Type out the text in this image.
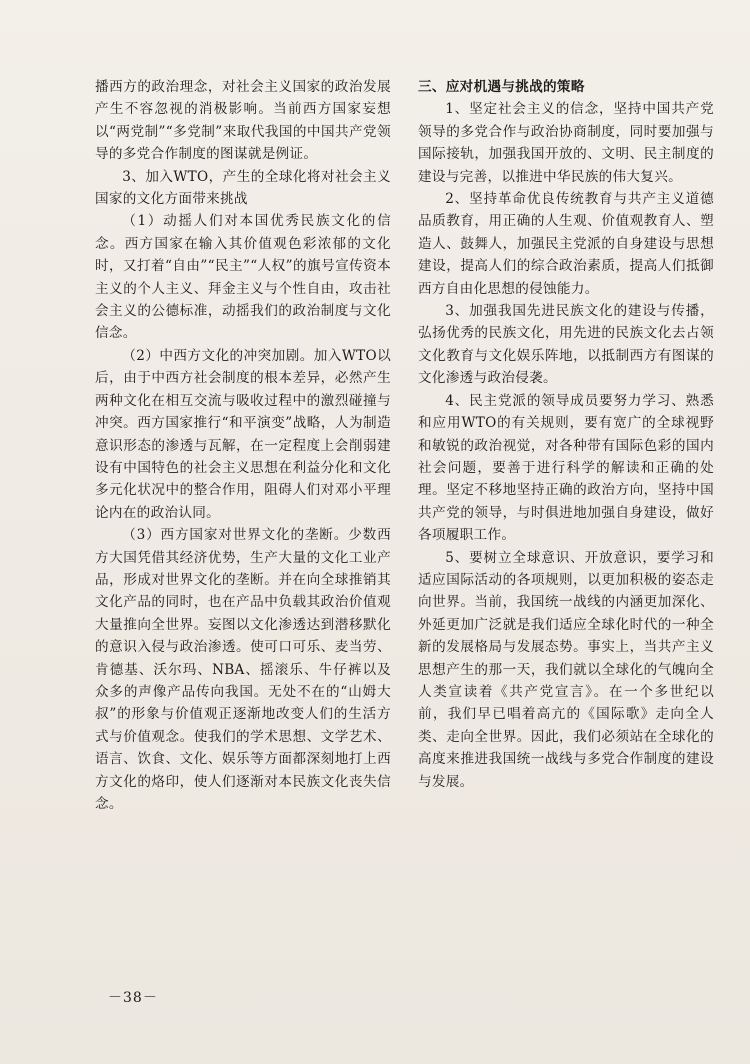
播西方的政治理念，对社会主义国家的政治发展产生不容忽视的消极影响。当前西方国家妄想以“两党制”“多党制”来取代我国的中国共产党领导的多党合作制度的图谋就是例证。

3、加入WTO，产生的全球化将对社会主义国家的文化方面带来挑战

（1）动摇人们对本国优秀民族文化的信念。西方国家在输入其价值观色彩浓郁的文化时，又打着“自由”“民主”“人权”的旗号宣传资本主义的个人主义、拜金主义与个性自由，攻击社会主义的公德标准，动摇我们的政治制度与文化信念。

（2）中西方文化的冲突加剧。加入WTO以后，由于中西方社会制度的根本差异，必然产生两种文化在相互交流与吸收过程中的激烈碰撞与冲突。西方国家推行“和平演变”战略，人为制造意识形态的渗透与瓦解，在一定程度上会削弱建设有中国特色的社会主义思想在利益分化和文化多元化状况中的整合作用，阻碍人们对邓小平理论内在的政治认同。

（3）西方国家对世界文化的垄断。少数西方大国凭借其经济优势，生产大量的文化工业产品，形成对世界文化的垄断。并在向全球推销其文化产品的同时，也在产品中负载其政治价值观大量推向全世界。妄图以文化渗透达到潜移默化的意识入侵与政治渗透。使可口可乐、麦当劳、肯德基、沃尔玛、NBA、摇滚乐、牛仔裤以及众多的声像产品传向我国。无处不在的“山姆大叔”的形象与价值观正逐渐地改变人们的生活方式与价值观念。使我们的学术思想、文学艺术、语言、饮食、文化、娱乐等方面都深刻地打上西方文化的烙印，使人们逐渐对本民族文化丧失信念。

三、应对机遇与挑战的策略

1、坚定社会主义的信念，坚持中国共产党领导的多党合作与政治协商制度，同时要加强与国际接轨，加强我国开放的、文明、民主制度的建设与完善，以推进中华民族的伟大复兴。

2、坚持革命优良传统教育与共产主义道德品质教育，用正确的人生观、价值观教育人、塑造人、鼓舞人，加强民主党派的自身建设与思想建设，提高人们的综合政治素质，提高人们抵御西方自由化思想的侵蚀能力。

3、加强我国先进民族文化的建设与传播，弘扬优秀的民族文化，用先进的民族文化去占领文化教育与文化娱乐阵地，以抵制西方有图谋的文化渗透与政治侵袭。

4、民主党派的领导成员要努力学习、熟悉和应用WTO的有关规则，要有宽广的全球视野和敏锐的政治视觉，对各种带有国际色彩的国内社会问题，要善于进行科学的解读和正确的处理。坚定不移地坚持正确的政治方向，坚持中国共产党的领导，与时俱进地加强自身建设，做好各项履职工作。

5、要树立全球意识、开放意识，要学习和适应国际活动的各项规则，以更加积极的姿态走向世界。当前，我国统一战线的内涵更加深化、外延更加广泛就是我们适应全球化时代的一种全新的发展格局与发展态势。事实上，当共产主义思想产生的那一天，我们就以全球化的气魄向全人类宣读着《共产党宣言》。在一个多世纪以前，我们早已唱着高亢的《国际歌》走向全人类、走向全世界。因此，我们必须站在全球化的高度来推进我国统一战线与多党合作制度的建设与发展。

－38－
